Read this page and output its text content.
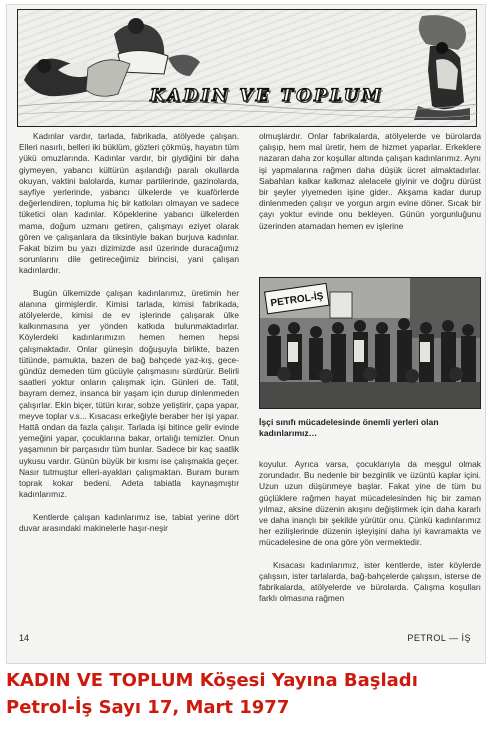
KADIN VE TOPLUM

Kadınlar vardır, tarlada, fabrikada, atölyede çalışan. Elleri nasırlı, belleri iki büklüm, gözleri çökmüş, hayatın tüm yükü omuzlarında. Kadınlar vardır, bir giydiğini bir daha giymeyen, yabancı kültürün aşılandığı paralı okullarda okuyan, vaktini balolarda, kumar partilerinde, gazinolarda, sayfiye yerlerinde, yabancı ülkelerde ve kuaförlerde değerlendiren, topluma hiç bir katkıları olmayan ve sadece tüketici olan kadınlar. Köpeklerine yabancı ülkelerden mama, doğum uzmanı getiren, çalışmayı eziyet olarak gören ve çalışanlara da tiksintiyle bakan burjuva kadınlar. Fakat bizim bu yazı dizimizde asıl üzerinde duracağımız sorunlarını dile getireceğimiz birincisi, yani çalışan kadınlardır.

Bugün ülkemizde çalışan kadınlarımız, üretimin her alanına girmişlerdir. Kimisi tarlada, kimisi fabrikada, atölyelerde, kimisi de ev işlerinde çalışarak ülke kalkınmasına yer yönden katkıda bulunmaktadırlar. Köylerdeki kadınlarımızın hemen hemen hepsi çalışmaktadır. Onlar güneşin doğuşuyla birlikte, bazen tütünde, pamukta, bazen de bağ bahçede yaz-kış, gece-gündüz demeden tüm gücüyle çalışmasını sürdürür. Belirli saatleri yoktur onların çalışmak için. Günleri de. Tatil, bayram demez, insanca bir yaşam için durup dinlenmeden çalışırlar. Ekin biçer, tütün kırar, sobze yetiştirir, çapa yapar, meyve toplar v.s... Kısacası erkeğiyle beraber her işi yapar. Hattâ ondan da fazla çalışır. Tarlada işi bitince gelir evinde yemeğini yapar, çocuklarına bakar, ortalığı temizler. Onun yaşamının bir parçasıdır tüm bunlar. Sadece bir kaç saatlik uykusu vardır. Günün büyük bir kısmı ise çalışmakla geçer. Nasır tutmuştur elleri-ayakları çalışmaktan. Buram buram toprak kokar bedeni. Adeta tabiatla kaynaşmıştır kadınlarımız.

Kentlerde çalışan kadınlarımız ise, tabiat yerine dört duvar arasındaki makinelerle haşır-neşir

olmuşlardır. Onlar fabrikalarda, atölyelerde ve bürolarda çalışıp, hem mal üretir, hem de hizmet yaparlar. Erkeklere nazaran daha zor koşullar altında çalışan kadınlarımız. Aynı işi yapmalarına rağmen daha düşük ücret almaktadırlar. Sabahları kalkar kalkmaz alelacele giyinir ve doğru dürüst bir şeyler yiyemeden işine gider.. Akşama kadar durup dinlenmeden çalışır ve yorgun argın evine döner. Sıcak bir çayı yoktur evinde onu bekleyen. Günün yorgunluğunu üzerinden atamadan hemen ev işlerine

PETROL-İŞ
İşçi sınıfı mücadelesinde önemli yerleri olan kadınlarımız…

koyulur. Ayrıca varsa, çocuklarıyla da meşgul olmak zorundadır. Bu nedenle bir bezginlik ve üzüntü kaplar içini. Uzun uzun düşünmeye başlar. Fakat yine de tüm bu güçlüklere rağmen hayat mücadelesinden hiç bir zaman yılmaz, aksine düzenin akışını değiştirmek için daha kararlı ve daha inançlı bir şekilde yürütür onu. Çünkü kadınlarımız her ezilişlerinde düzenin işleyişini daha iyi kavramakta ve mücadelesine de ona göre yön vermektedir.

Kısacası kadınlarımız, ister kentlerde, ister köylerde çalışsın, ister tarlalarda, bağ-bahçelerde çalışsın, isterse de fabrikalarda, atölyelerde ve bürolarda. Çalışma koşulları farklı olmasına rağmen

14	PETROL — İŞ
KADIN VE TOPLUM Köşesi Yayına Başladı
Petrol-İş Sayı 17, Mart 1977
